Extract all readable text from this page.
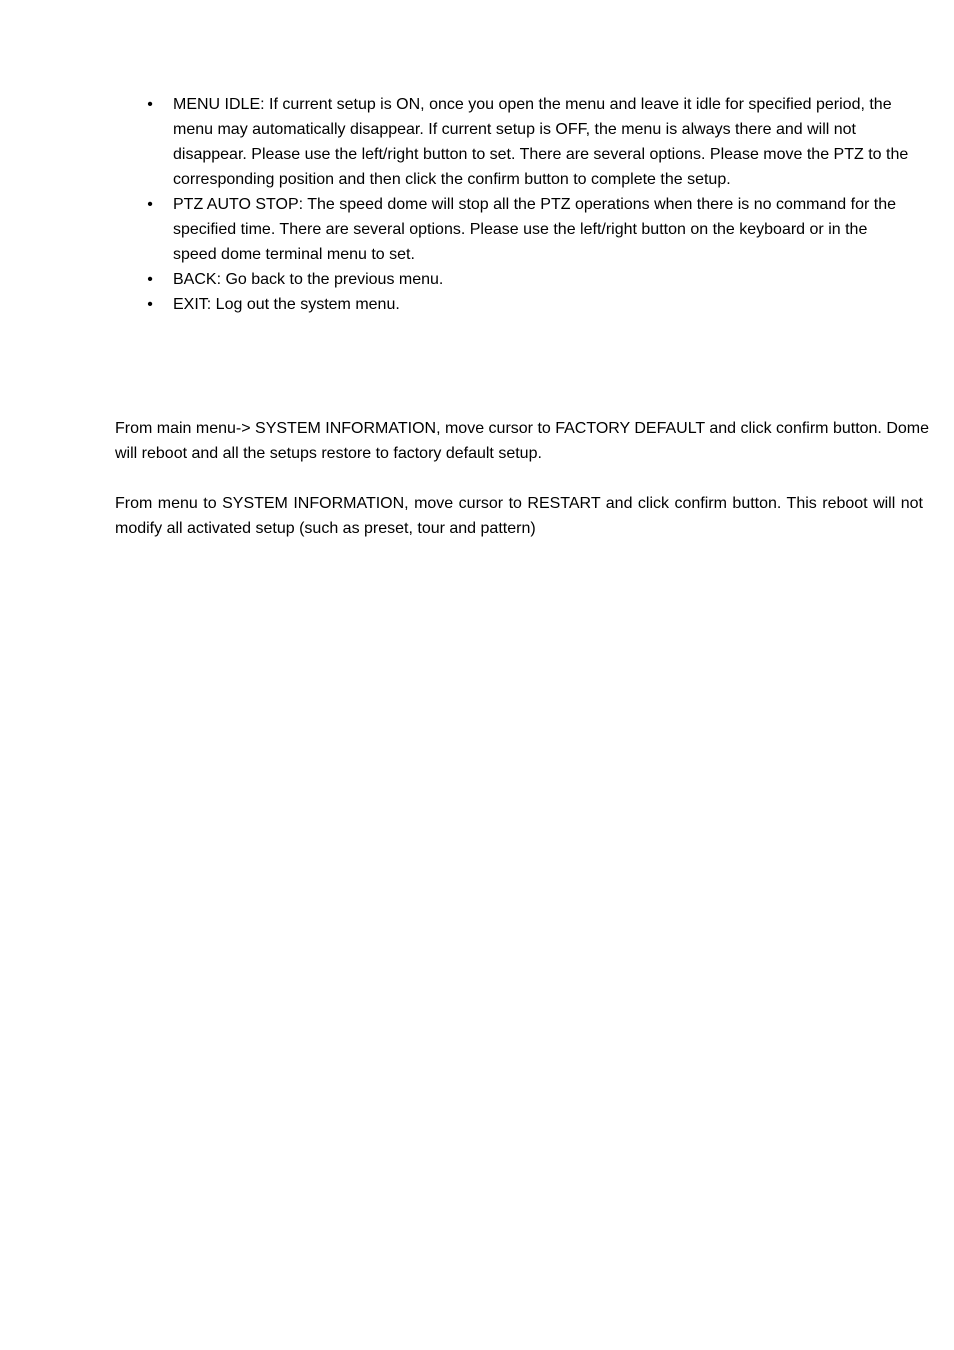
• MENU IDLE: If current setup is ON, once you open the menu and leave it idle for specified period, the menu may automatically disappear. If current setup is OFF, the menu is always there and will not disappear. Please use the left/right button to set. There are several options. Please move the PTZ to the corresponding position and then click the confirm button to complete the setup.
• PTZ AUTO STOP: The speed dome will stop all the PTZ operations when there is no command for the specified time. There are several options. Please use the left/right button on the keyboard or in the speed dome terminal menu to set.
• BACK: Go back to the previous menu.
• EXIT: Log out the system menu.

From main menu-> SYSTEM INFORMATION, move cursor to FACTORY DEFAULT and click confirm button. Dome will reboot and all the setups restore to factory default setup.

From menu to SYSTEM INFORMATION, move cursor to RESTART and click confirm button. This reboot will not modify all activated setup (such as preset, tour and pattern)
